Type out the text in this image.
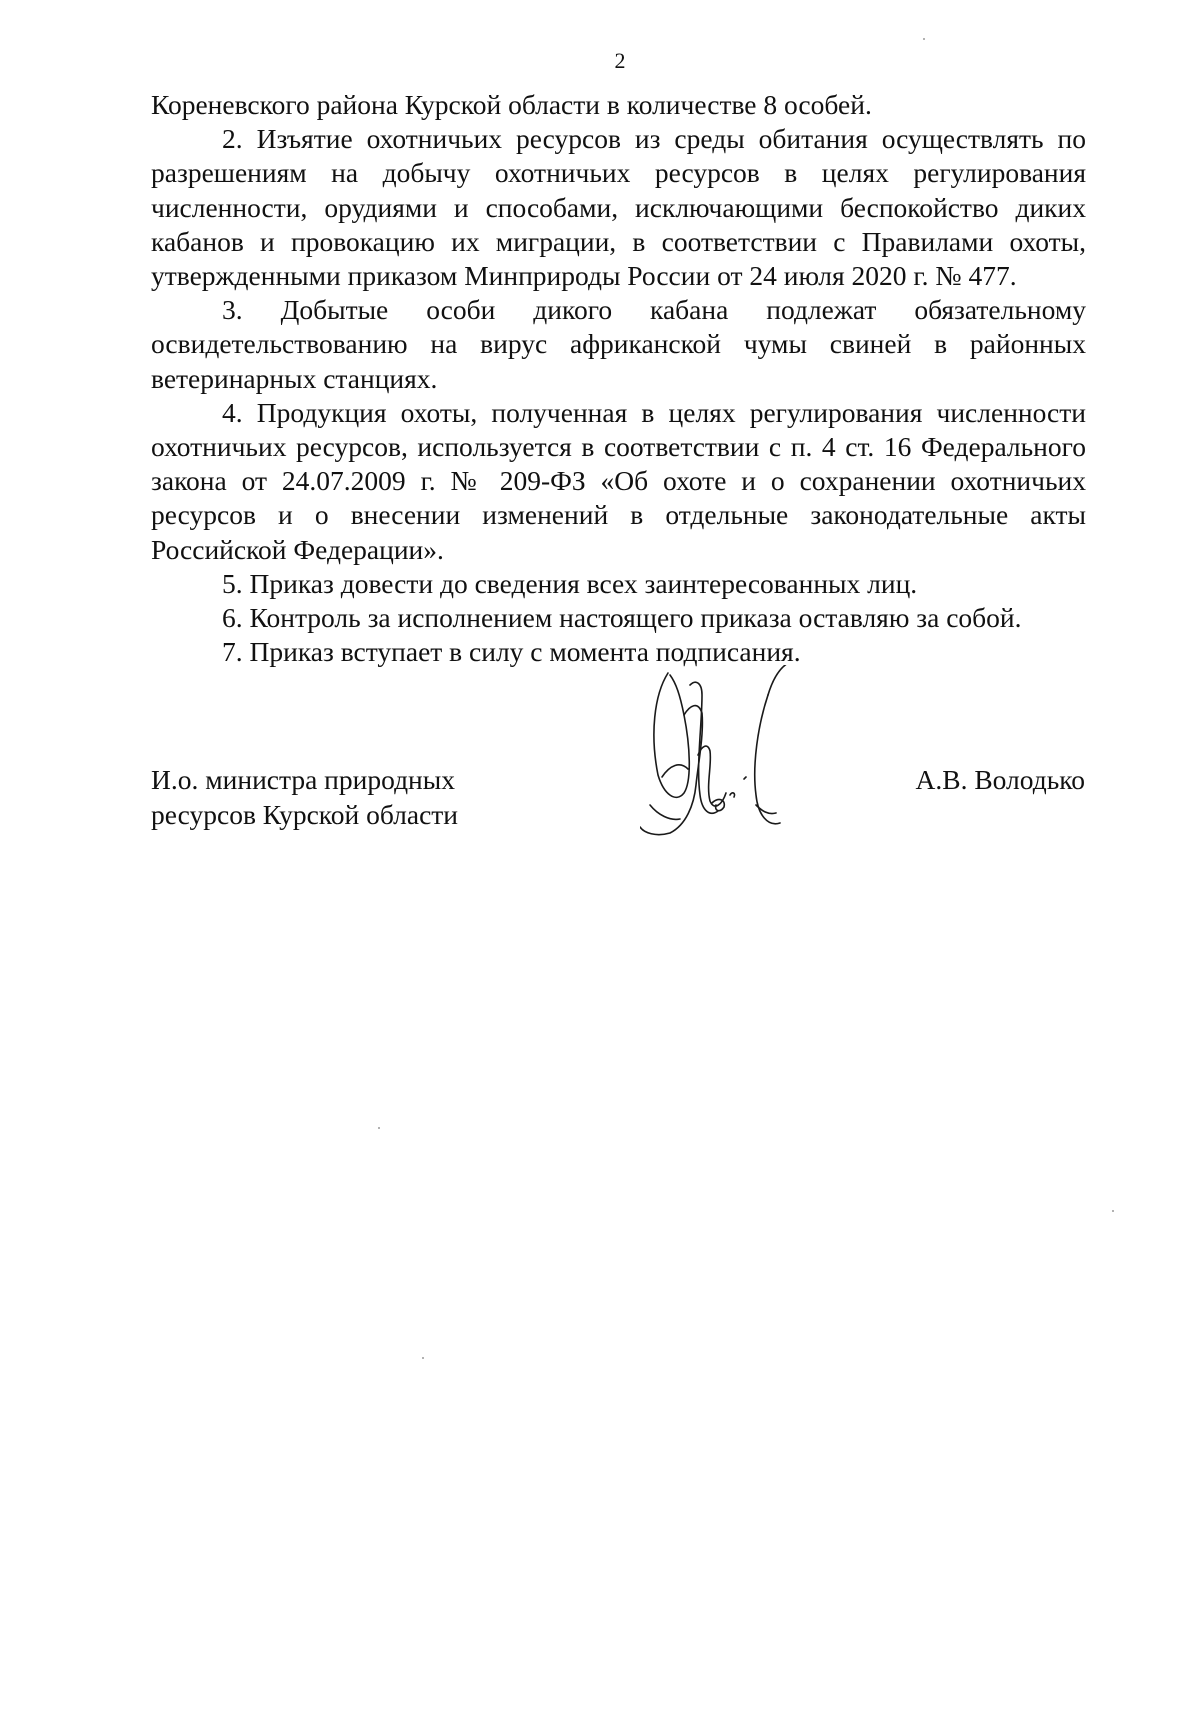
2

Кореневского района Курской области в количестве 8 особей.

2. Изъятие охотничьих ресурсов из среды обитания осуществлять по разрешениям на добычу охотничьих ресурсов в целях регулирования численности, орудиями и способами, исключающими беспокойство диких кабанов и провокацию их миграции, в соответствии с Правилами охоты, утвержденными приказом Минприроды России от 24 июля 2020 г. № 477.

3. Добытые особи дикого кабана подлежат обязательному освидетельствованию на вирус африканской чумы свиней в районных ветеринарных станциях.

4. Продукция охоты, полученная в целях регулирования численности охотничьих ресурсов, используется в соответствии с п. 4 ст. 16 Федерального закона от 24.07.2009 г. № 209-ФЗ «Об охоте и о сохранении охотничьих ресурсов и о внесении изменений в отдельные законодательные акты Российской Федерации».

5. Приказ довести до сведения всех заинтересованных лиц.

6. Контроль за исполнением настоящего приказа оставляю за собой.

7. Приказ вступает в силу с момента подписания.

И.о. министра природных
ресурсов Курской области
А.В. Володько
